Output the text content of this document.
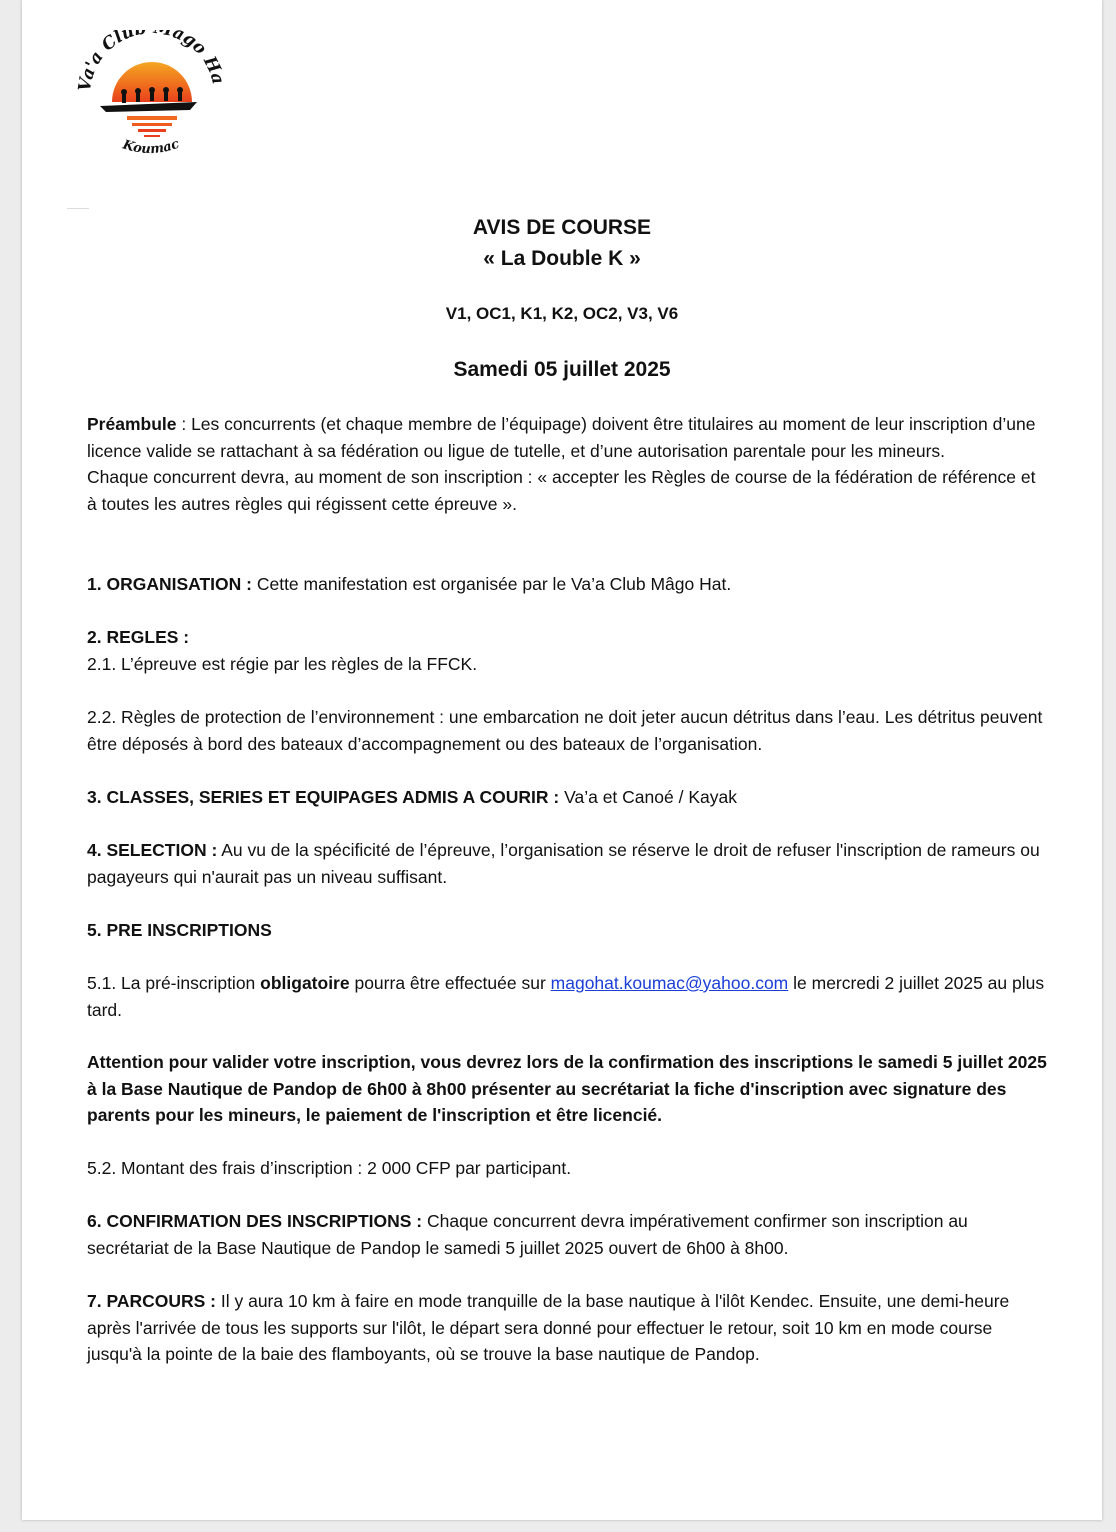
Va'a Clu âgo H
Koumac
AVIS DE COURSE
« La Double K »
V1, OC1, K1, K2, OC2, V3, V6
Samedi 05 juillet 2025

Préambule : Les concurrents (et chaque membre de l’équipage) doivent être titulaires au moment de leur inscription d’une licence valide se rattachant à sa fédération ou ligue de tutelle, et d’une autorisation parentale pour les mineurs.

Chaque concurrent devra, au moment de son inscription : « accepter les Règles de course de la fédération de référence et à toutes les autres règles qui régissent cette épreuve ».

1. ORGANISATION : Cette manifestation est organisée par le Va’a Club Mâgo Hat.

2. REGLES :

2.1. L’épreuve est régie par les règles de la FFCK.

2.2. Règles de protection de l’environnement : une embarcation ne doit jeter aucun détritus dans l’eau. Les détritus peuvent être déposés à bord des bateaux d’accompagnement ou des bateaux de l’organisation.

3. CLASSES, SERIES ET EQUIPAGES ADMIS A COURIR : Va’a et Canoé / Kayak

4. SELECTION : Au vu de la spécificité de l’épreuve, l’organisation se réserve le droit de refuser l'inscription de rameurs ou pagayeurs qui n'aurait pas un niveau suffisant.

5. PRE INSCRIPTIONS

5.1. La pré-inscription obligatoire pourra être effectuée sur magohat.koumac@yahoo.com le mercredi 2 juillet 2025 au plus tard.

Attention pour valider votre inscription, vous devrez lors de la confirmation des inscriptions le samedi 5 juillet 2025 à la Base Nautique de Pandop de 6h00 à 8h00 présenter au secrétariat la fiche d'inscription avec signature des parents pour les mineurs, le paiement de l'inscription et être licencié.

5.2. Montant des frais d’inscription : 2 000 CFP par participant.

6. CONFIRMATION DES INSCRIPTIONS : Chaque concurrent devra impérativement confirmer son inscription au secrétariat de la Base Nautique de Pandop le samedi 5 juillet 2025 ouvert de 6h00 à 8h00.

7. PARCOURS : Il y aura 10 km à faire en mode tranquille de la base nautique à l'ilôt Kendec. Ensuite, une demi-heure après l'arrivée de tous les supports sur l'ilôt, le départ sera donné pour effectuer le retour, soit 10 km en mode course jusqu'à la pointe de la baie des flamboyants, où se trouve la base nautique de Pandop.
